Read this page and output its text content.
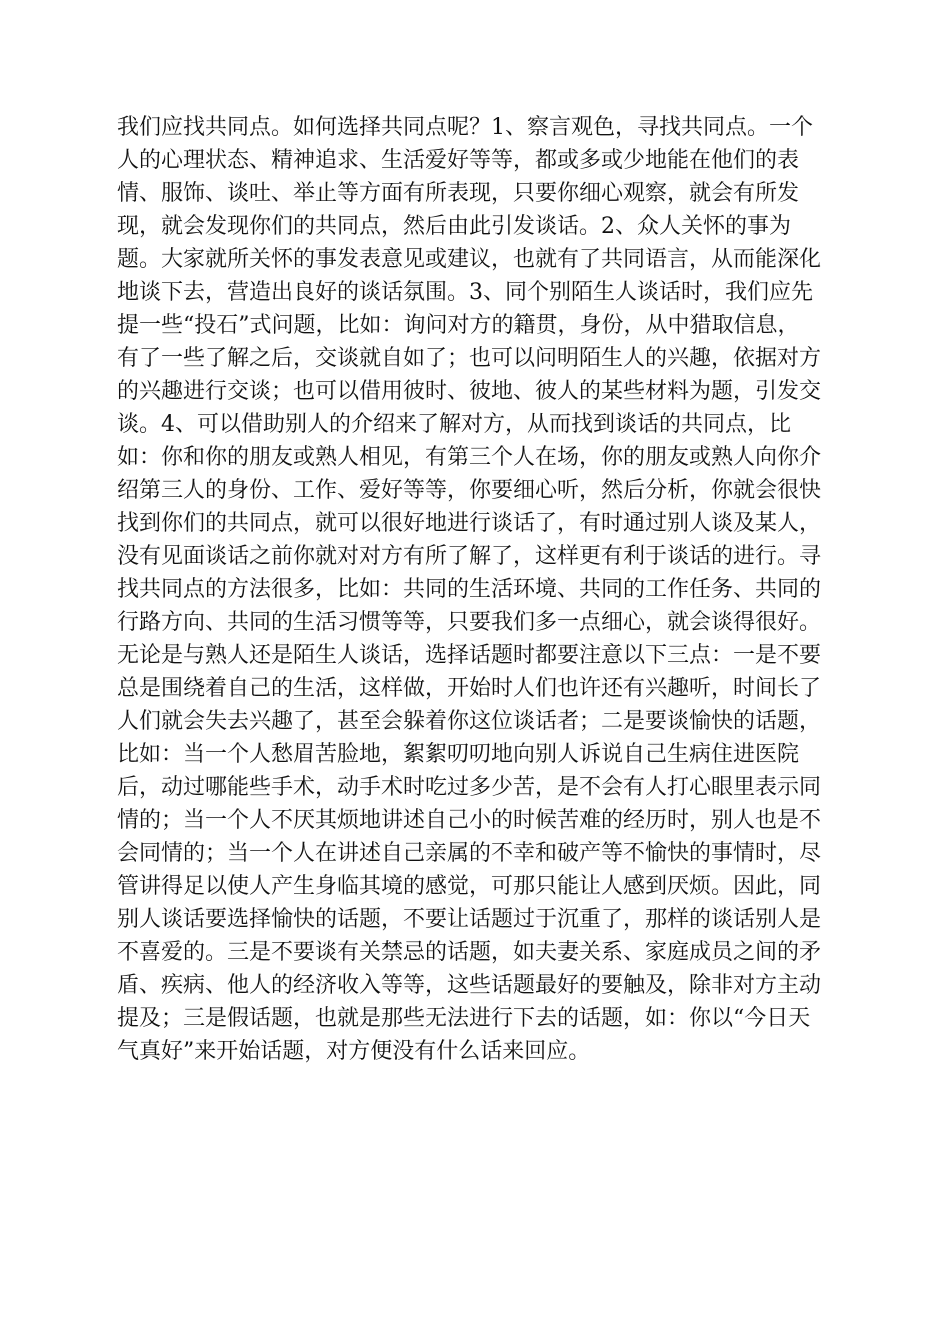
我们应找共同点。如何选择共同点呢？1、察言观色，寻找共同点。一个

人的心理状态、精神追求、生活爱好等等，都或多或少地能在他们的表

情、服饰、谈吐、举止等方面有所表现，只要你细心观察，就会有所发

现，就会发现你们的共同点，然后由此引发谈话。2、众人关怀的事为

题。大家就所关怀的事发表意见或建议，也就有了共同语言，从而能深化

地谈下去，营造出良好的谈话氛围。3、同个别陌生人谈话时，我们应先

提一些“投石”式问题，比如：询问对方的籍贯，身份，从中猎取信息，

有了一些了解之后，交谈就自如了；也可以问明陌生人的兴趣，依据对方

的兴趣进行交谈；也可以借用彼时、彼地、彼人的某些材料为题，引发交

谈。4、可以借助别人的介绍来了解对方，从而找到谈话的共同点，比

如：你和你的朋友或熟人相见，有第三个人在场，你的朋友或熟人向你介

绍第三人的身份、工作、爱好等等，你要细心听，然后分析，你就会很快

找到你们的共同点，就可以很好地进行谈话了，有时通过别人谈及某人，

没有见面谈话之前你就对对方有所了解了，这样更有利于谈话的进行。寻

找共同点的方法很多，比如：共同的生活环境、共同的工作任务、共同的

行路方向、共同的生活习惯等等，只要我们多一点细心，就会谈得很好。

无论是与熟人还是陌生人谈话，选择话题时都要注意以下三点：一是不要

总是围绕着自己的生活，这样做，开始时人们也许还有兴趣听，时间长了

人们就会失去兴趣了，甚至会躲着你这位谈话者；二是要谈愉快的话题，

比如：当一个人愁眉苦脸地，絮絮叨叨地向别人诉说自己生病住进医院

后，动过哪能些手术，动手术时吃过多少苦，是不会有人打心眼里表示同

情的；当一个人不厌其烦地讲述自己小的时候苦难的经历时，别人也是不

会同情的；当一个人在讲述自己亲属的不幸和破产等不愉快的事情时，尽

管讲得足以使人产生身临其境的感觉，可那只能让人感到厌烦。因此，同

别人谈话要选择愉快的话题，不要让话题过于沉重了，那样的谈话别人是

不喜爱的。三是不要谈有关禁忌的话题，如夫妻关系、家庭成员之间的矛

盾、疾病、他人的经济收入等等，这些话题最好的要触及，除非对方主动

提及；三是假话题，也就是那些无法进行下去的话题，如：你以“今日天

气真好”来开始话题，对方便没有什么话来回应。
